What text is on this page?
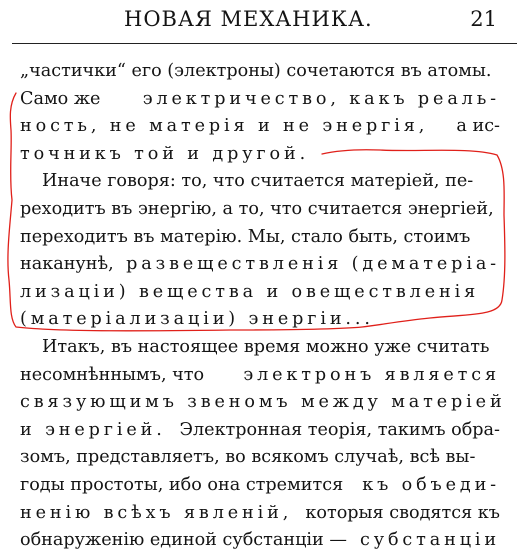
НОВАЯ МЕХАНИКА.	21
„частички“ его (электроны) сочетаются въ атомы.
Само же электричество, какъ реаль-
ность, не матерія и не энергія, а ис-
точникъ той и другой.
Иначе говоря: то, что считается матеріей, пе-
реходитъ въ энергію, а то, что считается энергіей,
переходитъ въ матерію. Мы, стало быть, стоимъ
наканунѣ, развеществленія (дематеріа-
лизаціи) вещества и овеществленія
(матеріализаціи) энергіи...
Итакъ, въ настоящее время можно уже считать
несомнѣннымъ, что электронъ является
связующимъ звеномъ между матеріей
и энергіей. Электронная теорія, такимъ обра-
зомъ, представляетъ, во всякомъ случаѣ, всѣ вы-
годы простоты, ибо она стремится къ объеди-
ненію всѣхъ явленій, которыя сводятся къ
обнаруженію единой субстанціи — субстанціи
